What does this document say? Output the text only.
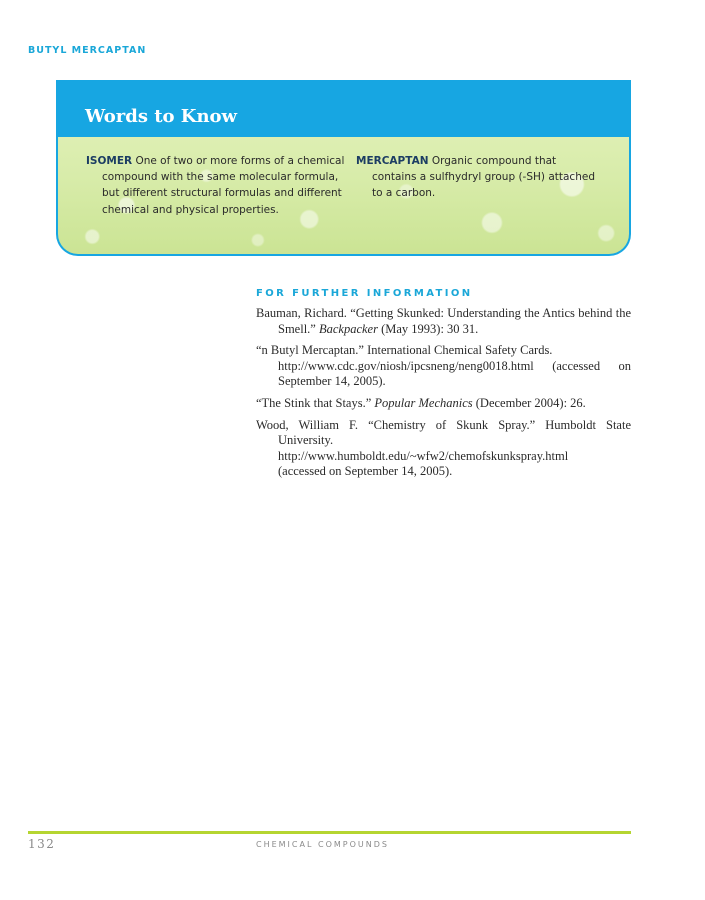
BUTYL MERCAPTAN
Words to Know
ISOMER One of two or more forms of a chemical compound with the same molecular formula, but different structural formulas and different chemical and physical properties.
MERCAPTAN Organic compound that contains a sulfhydryl group (-SH) attached to a carbon.
FOR FURTHER INFORMATION
Bauman, Richard. “Getting Skunked: Understanding the Antics behind the Smell.” Backpacker (May 1993): 30 31.
“n Butyl Mercaptan.” International Chemical Safety Cards.
http://www.cdc.gov/niosh/ipcsneng/neng0018.html (accessed on September 14, 2005).
“The Stink that Stays.” Popular Mechanics (December 2004): 26.
Wood, William F. “Chemistry of Skunk Spray.” Humboldt State University.
http://www.humboldt.edu/~wfw2/chemofskunkspray.html
(accessed on September 14, 2005).
132	CHEMICAL COMPOUNDS
